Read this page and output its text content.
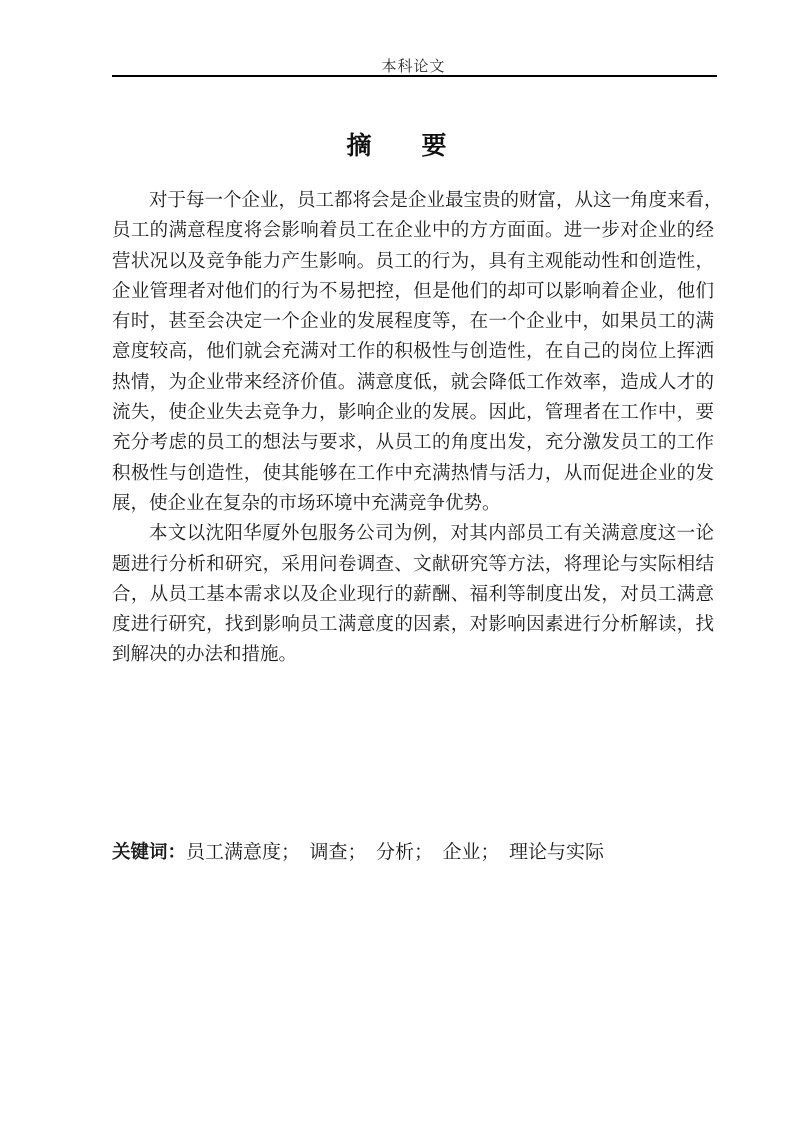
本科论文
摘　　要
对于每一个企业，员工都将会是企业最宝贵的财富，从这一角度来看，
员工的满意程度将会影响着员工在企业中的方方面面。进一步对企业的经
营状况以及竞争能力产生影响。员工的行为，具有主观能动性和创造性，
企业管理者对他们的行为不易把控，但是他们的却可以影响着企业，他们
有时，甚至会决定一个企业的发展程度等，在一个企业中，如果员工的满
意度较高，他们就会充满对工作的积极性与创造性，在自己的岗位上挥洒
热情，为企业带来经济价值。满意度低，就会降低工作效率，造成人才的
流失，使企业失去竞争力，影响企业的发展。因此，管理者在工作中，要
充分考虑的员工的想法与要求，从员工的角度出发，充分激发员工的工作
积极性与创造性，使其能够在工作中充满热情与活力，从而促进企业的发
展，使企业在复杂的市场环境中充满竞争优势。
本文以沈阳华厦外包服务公司为例，对其内部员工有关满意度这一论
题进行分析和研究，采用问卷调查、文献研究等方法，将理论与实际相结
合，从员工基本需求以及企业现行的薪酬、福利等制度出发，对员工满意
度进行研究，找到影响员工满意度的因素，对影响因素进行分析解读，找
到解决的办法和措施。
关键词：员工满意度；　调查；　分析；　企业；　理论与实际
